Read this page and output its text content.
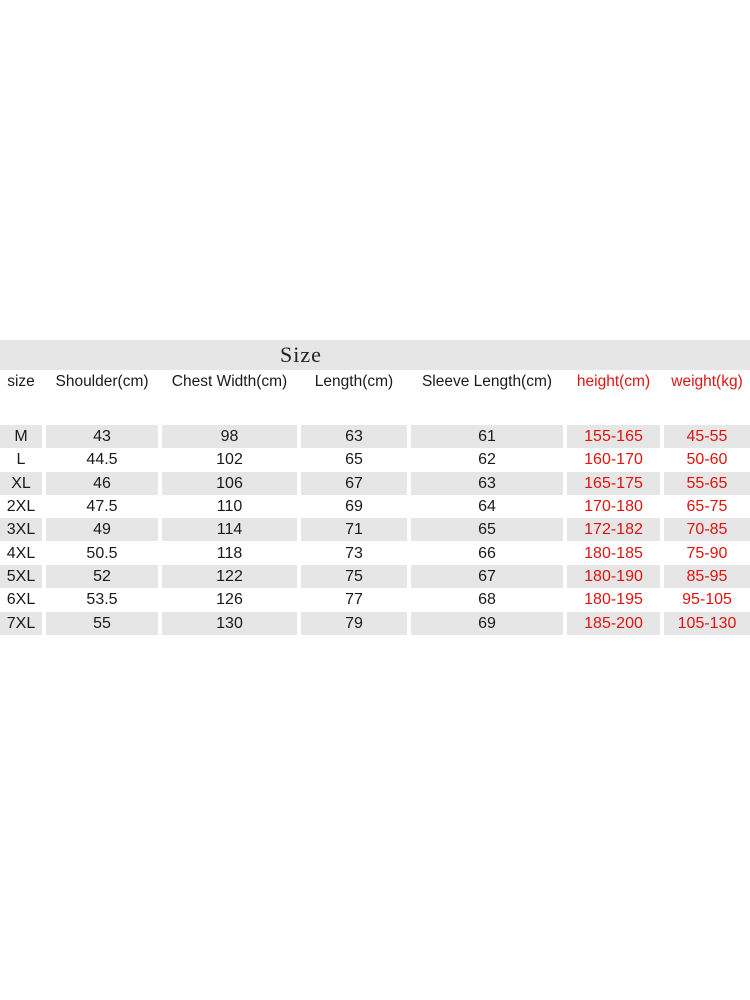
Size
size	Shoulder(cm)	Chest Width(cm)	Length(cm)	Sleeve Length(cm)	height(cm)	weight(kg)
M	43	98	63	61	155-165	45-55
L	44.5	102	65	62	160-170	50-60
XL	46	106	67	63	165-175	55-65
2XL	47.5	110	69	64	170-180	65-75
3XL	49	114	71	65	172-182	70-85
4XL	50.5	118	73	66	180-185	75-90
5XL	52	122	75	67	180-190	85-95
6XL	53.5	126	77	68	180-195	95-105
7XL	55	130	79	69	185-200	105-130
